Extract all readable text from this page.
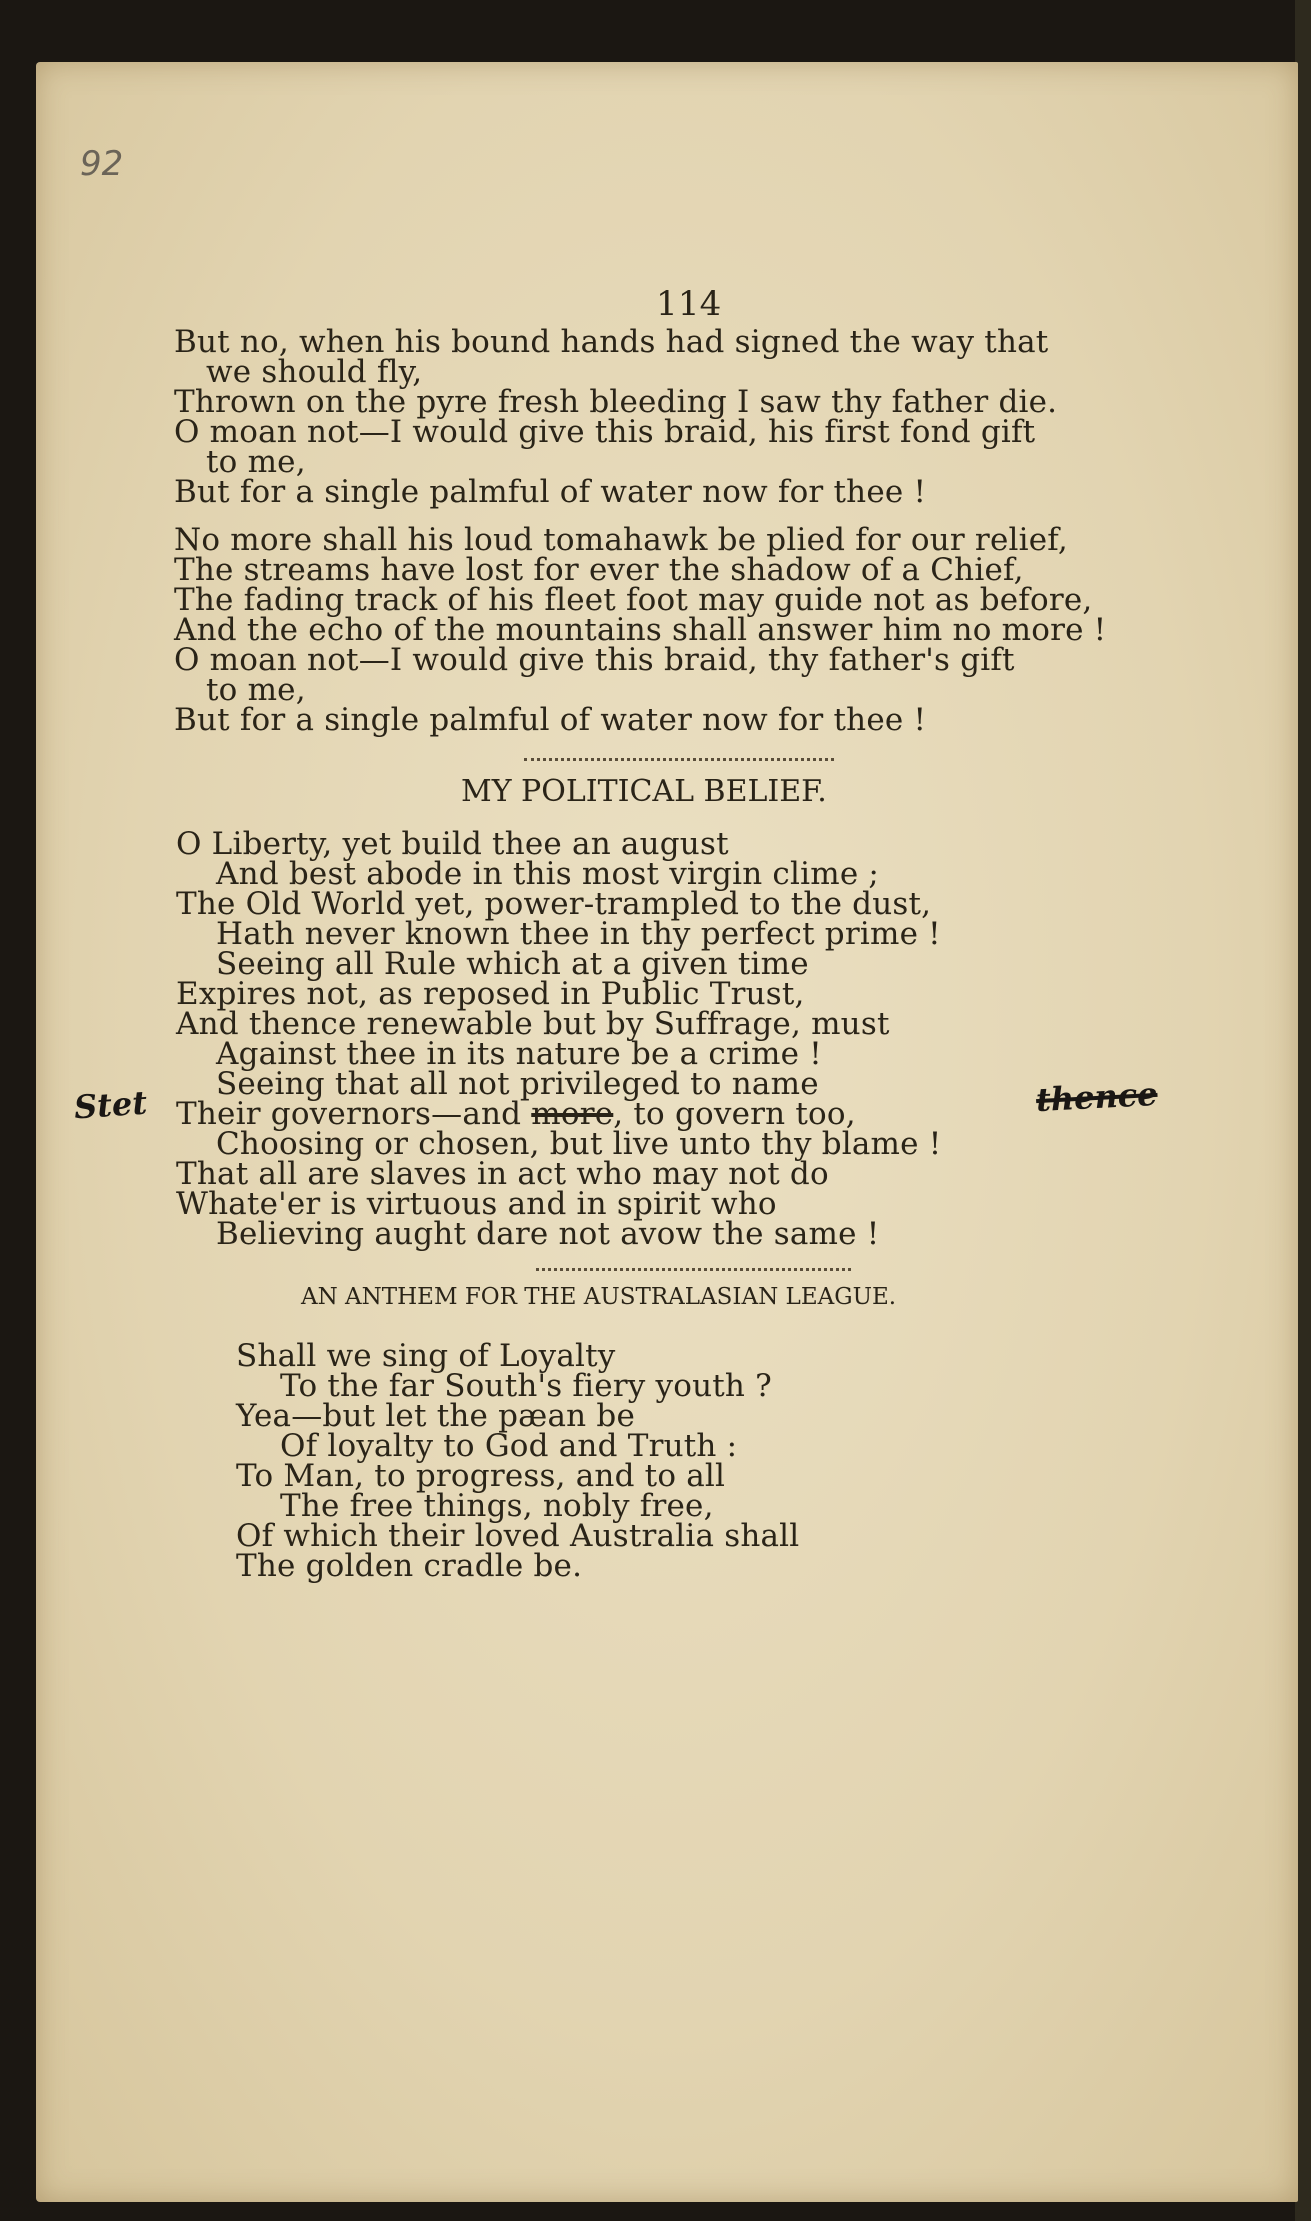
92
114
But no, when his bound hands had signed the way that
we should fly,
Thrown on the pyre fresh bleeding I saw thy father die.
O moan not—I would give this braid, his first fond gift
to me,
But for a single palmful of water now for thee !
No more shall his loud tomahawk be plied for our relief,
The streams have lost for ever the shadow of a Chief,
The fading track of his fleet foot may guide not as before,
And the echo of the mountains shall answer him no more !
O moan not—I would give this braid, thy father's gift
to me,
But for a single palmful of water now for thee !
MY POLITICAL BELIEF.
O Liberty, yet build thee an august
And best abode in this most virgin clime ;
The Old World yet, power-trampled to the dust,
Hath never known thee in thy perfect prime !
Seeing all Rule which at a given time
Expires not, as reposed in Public Trust,
And thence renewable but by Suffrage, must
Against thee in its nature be a crime !
Seeing that all not privileged to name
Stet Their governors—and more, to govern too,	thence
Choosing or chosen, but live unto thy blame !
That all are slaves in act who may not do
Whate'er is virtuous and in spirit who
Believing aught dare not avow the same !
AN ANTHEM FOR THE AUSTRALASIAN LEAGUE.
Shall we sing of Loyalty
To the far South's fiery youth ?
Yea—but let the pæan be
Of loyalty to God and Truth :
To Man, to progress, and to all
The free things, nobly free,
Of which their loved Australia shall
The golden cradle be.
